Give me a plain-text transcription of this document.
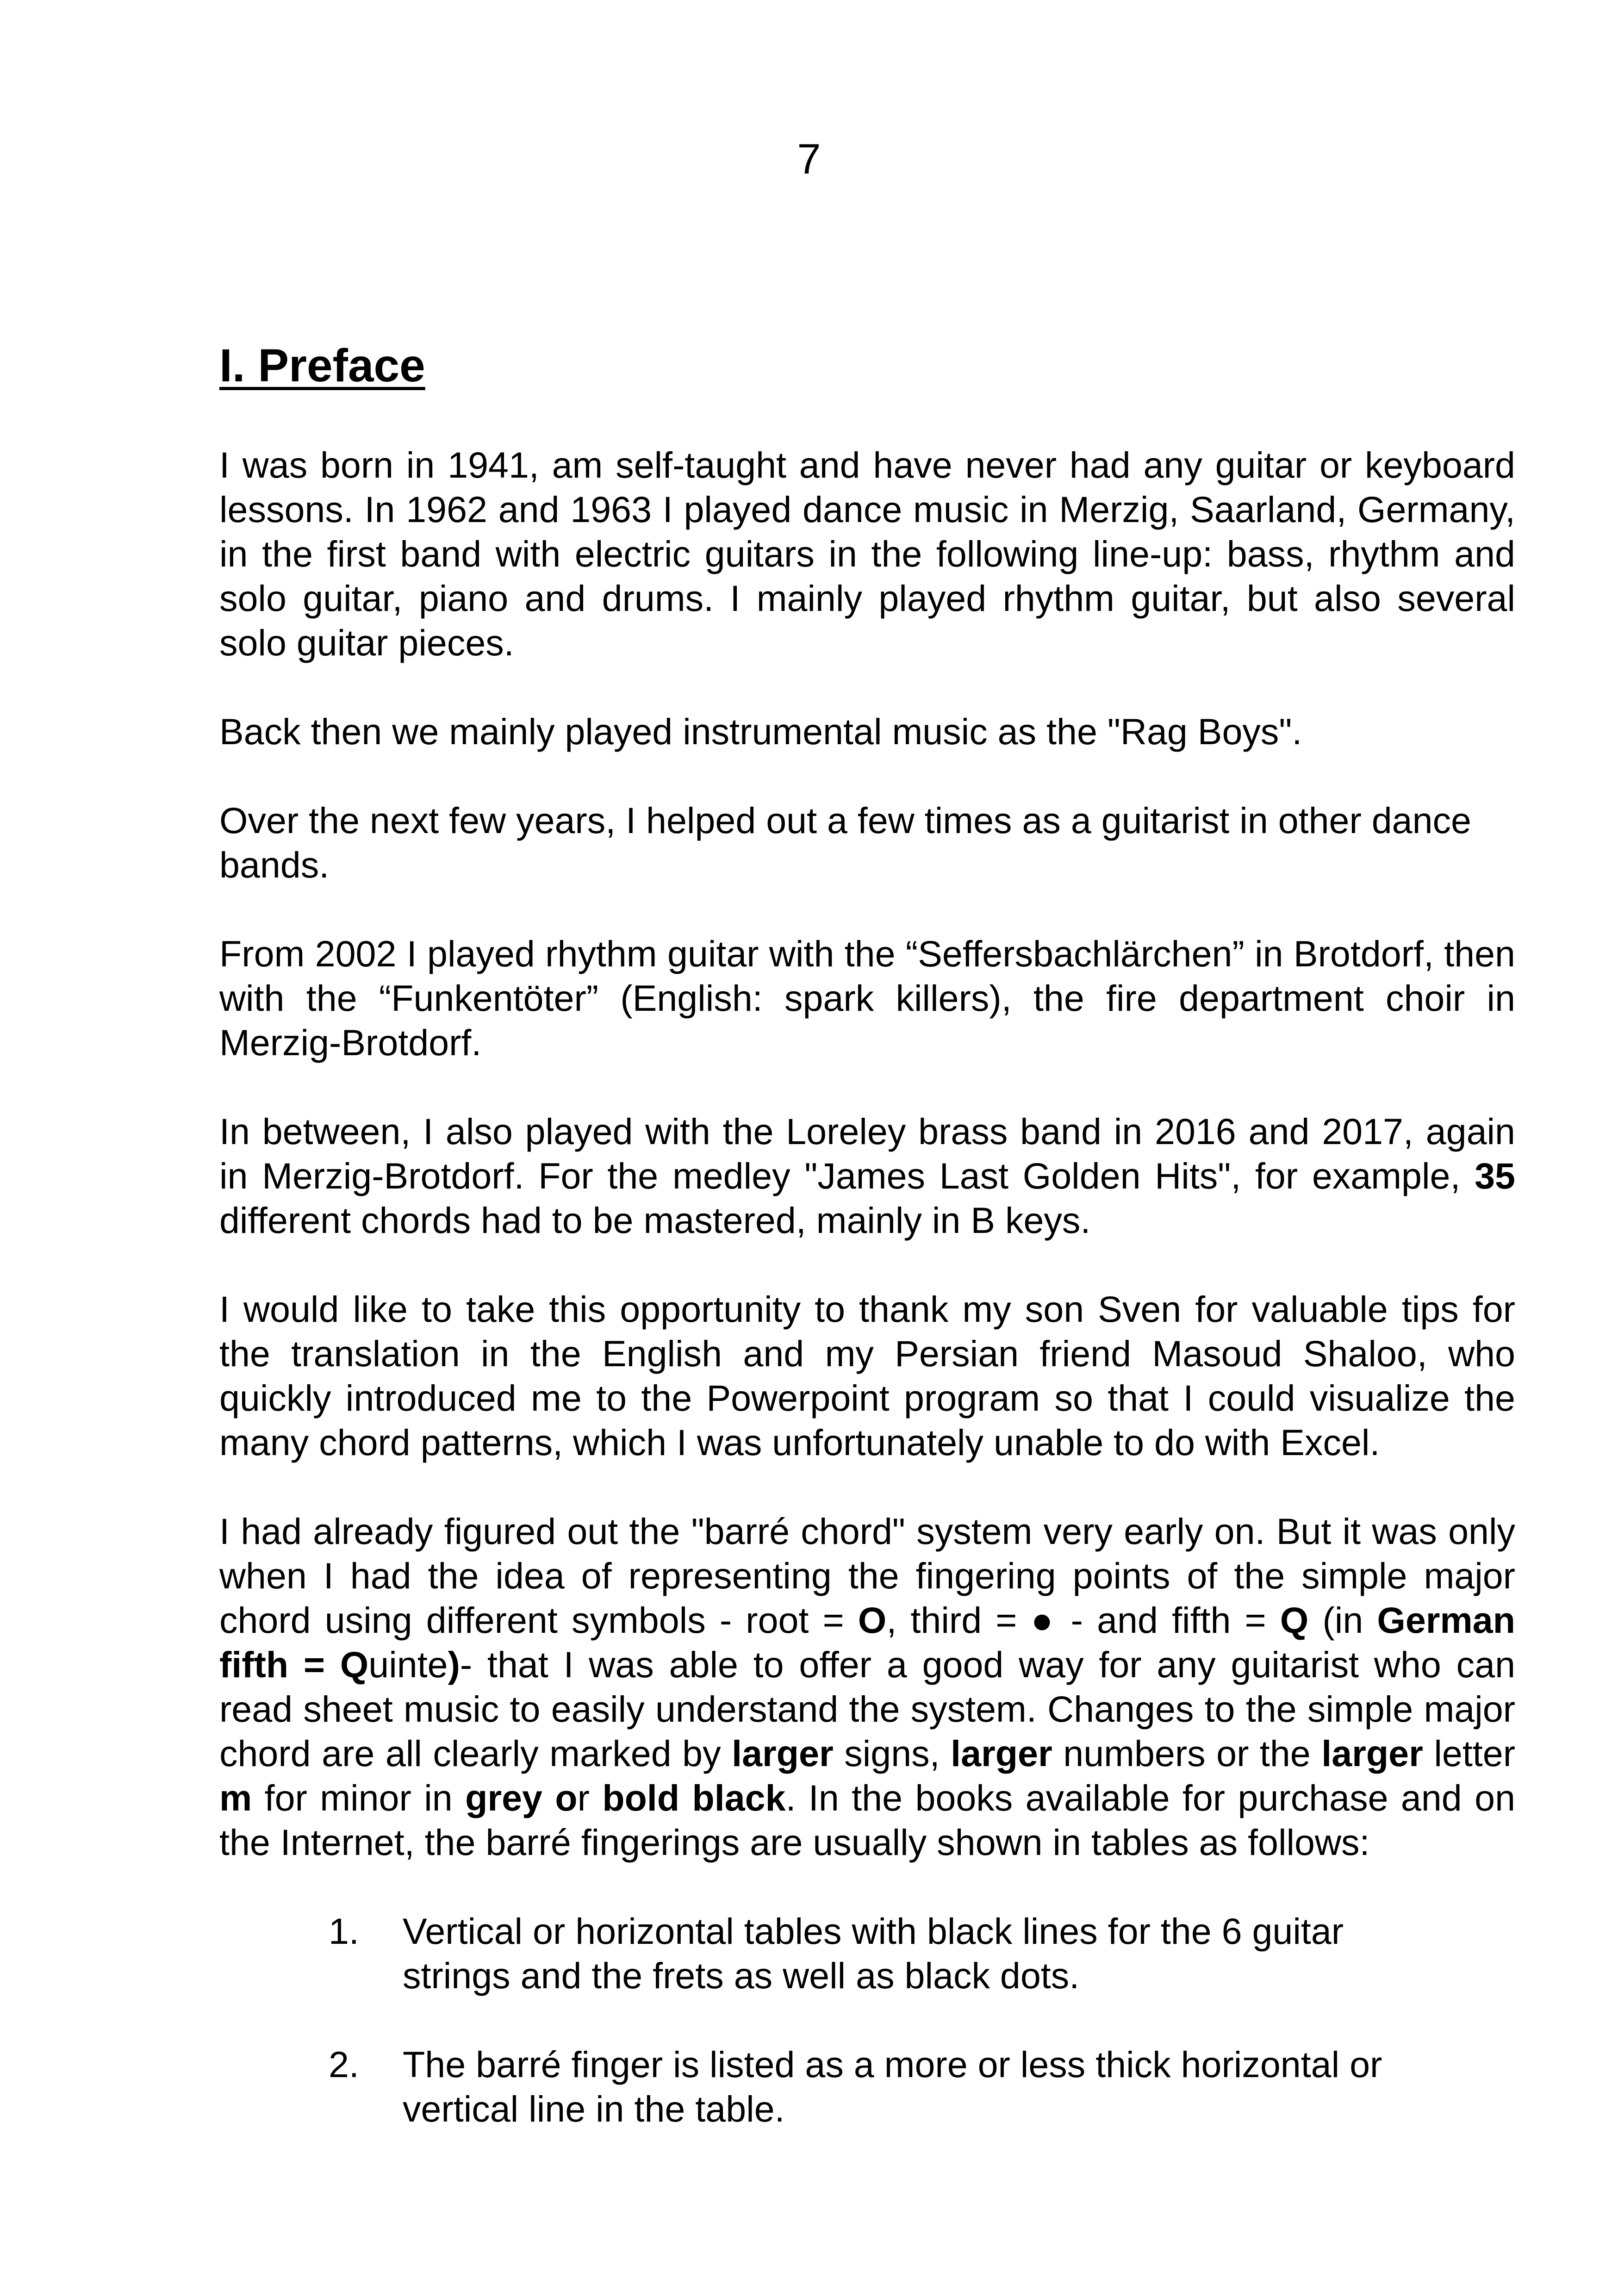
7
I. Preface

I was born in 1941, am self-taught and have never had any guitar or keyboard lessons. In 1962 and 1963 I played dance music in Merzig, Saarland, Germany, in the first band with electric guitars in the following line-up: bass, rhythm and solo guitar, piano and drums. I mainly played rhythm guitar, but also several solo guitar pieces.

Back then we mainly played instrumental music as the "Rag Boys".

Over the next few years, I helped out a few times as a guitarist in other dance bands.

From 2002 I played rhythm guitar with the “Seffersbachlärchen” in Brotdorf, then with the “Funkentöter” (English: spark killers), the fire department choir in Merzig-Brotdorf.

In between, I also played with the Loreley brass band in 2016 and 2017, again in Merzig-Brotdorf. For the medley "James Last Golden Hits", for example, 35 different chords had to be mastered, mainly in B keys.

I would like to take this opportunity to thank my son Sven for valuable tips for the translation in the English and my Persian friend Masoud Shaloo, who quickly introduced me to the Powerpoint program so that I could visualize the many chord patterns, which I was unfortunately unable to do with Excel.

I had already figured out the "barré chord" system very early on. But it was only when I had the idea of representing the fingering points of the simple major chord using different symbols - root = O, third = ● - and fifth = Q (in German fifth = Quinte)- that I was able to offer a good way for any guitarist who can read sheet music to easily understand the system. Changes to the simple major chord are all clearly marked by larger signs, larger numbers or the larger letter m for minor in grey or bold black. In the books available for purchase and on the Internet, the barré fingerings are usually shown in tables as follows:

1.	Vertical or horizontal tables with black lines for the 6 guitar strings and the frets as well as black dots.
2.	The barré finger is listed as a more or less thick horizontal or vertical line in the table.
